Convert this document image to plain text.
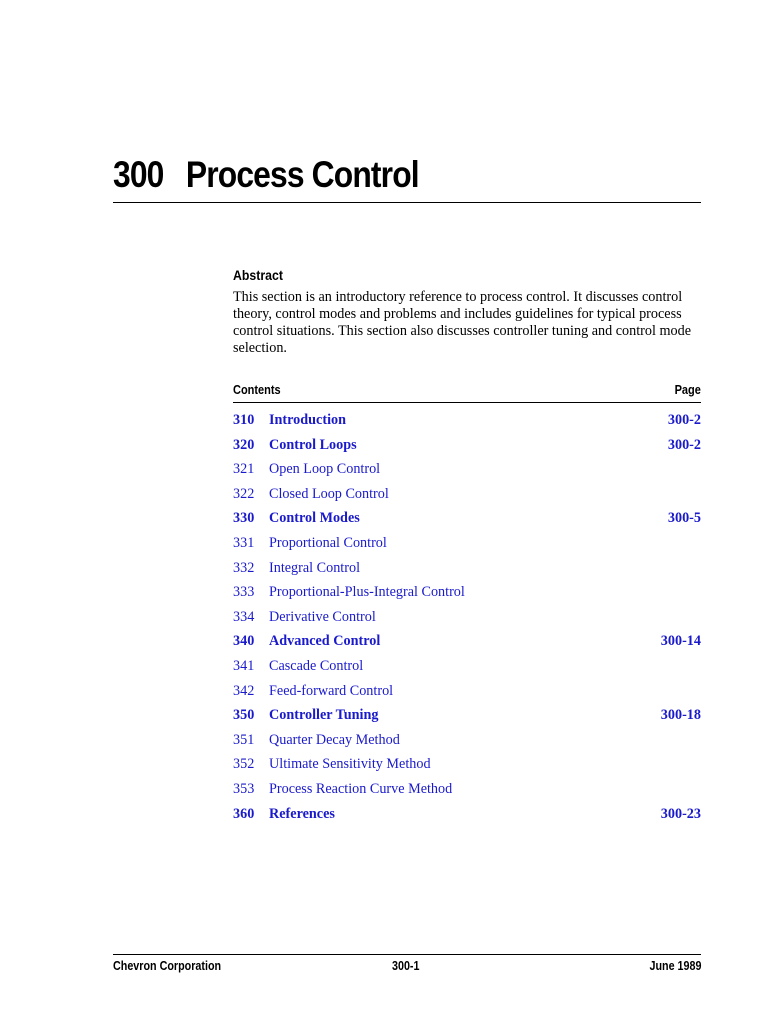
300 Process Control
Abstract

This section is an introductory reference to process control. It discusses control theory, control modes and problems and includes guidelines for typical process control situations. This section also discusses controller tuning and control mode selection.

Contents	Page
310 Introduction	300-2
320 Control Loops	300-2
321 Open Loop Control
322 Closed Loop Control
330 Control Modes	300-5
331 Proportional Control
332 Integral Control
333 Proportional-Plus-Integral Control
334 Derivative Control
340 Advanced Control	300-14
341 Cascade Control
342 Feed-forward Control
350 Controller Tuning	300-18
351 Quarter Decay Method
352 Ultimate Sensitivity Method
353 Process Reaction Curve Method
360 References	300-23
Chevron Corporation	300-1	June 1989
